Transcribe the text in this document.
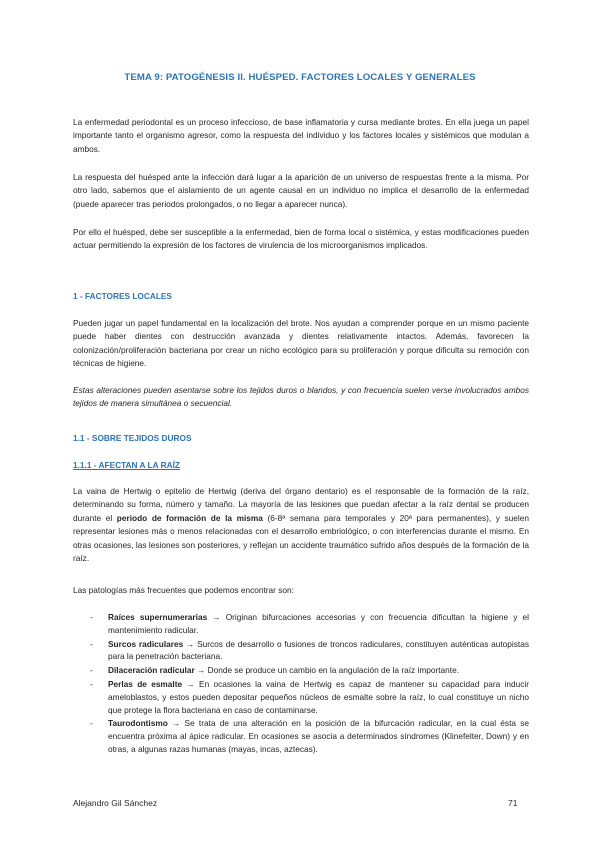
TEMA 9: PATOGÉNESIS II. HUÉSPED. FACTORES LOCALES Y GENERALES

La enfermedad periodontal es un proceso infeccioso, de base inflamatoria y cursa mediante brotes. En ella juega un papel importante tanto el organismo agresor, como la respuesta del individuo y los factores locales y sistémicos que modulan a ambos.

La respuesta del huésped ante la infección dará lugar a la aparición de un universo de respuestas frente a la misma. Por otro lado, sabemos que el aislamiento de un agente causal en un individuo no implica el desarrollo de la enfermedad (puede aparecer tras periodos prolongados, o no llegar a aparecer nunca).

Por ello el huésped, debe ser susceptible a la enfermedad, bien de forma local o sistémica, y estas modificaciones pueden actuar permitiendo la expresión de los factores de virulencia de los microorganismos implicados.

1 - FACTORES LOCALES

Pueden jugar un papel fundamental en la localización del brote. Nos ayudan a comprender porque en un mismo paciente puede haber dientes con destrucción avanzada y dientes relativamente intactos. Además, favorecen la colonización/proliferación bacteriana por crear un nicho ecológico para su proliferación y porque dificulta su remoción con técnicas de higiene.

Estas alteraciones pueden asentarse sobre los tejidos duros o blandos, y con frecuencia suelen verse involucrados ambos tejidos de manera simultánea o secuencial.

1.1 - SOBRE TEJIDOS DUROS

1.1.1 - AFECTAN A LA RAÍZ

La vaina de Hertwig o epitelio de Hertwig (deriva del órgano dentario) es el responsable de la formación de la raíz, determinando su forma, número y tamaño. La mayoría de las lesiones que puedan afectar a la raíz dental se producen durante el periodo de formación de la misma (6-8ª semana para temporales y 20ª para permanentes), y suelen representar lesiones más o menos relacionadas con el desarrollo embriológico, o con interferencias durante el mismo. En otras ocasiones, las lesiones son posteriores, y reflejan un accidente traumático sufrido años después de la formación de la raíz.

Las patologías más frecuentes que podemos encontrar son:

- Raíces supernumerarias → Originan bifurcaciones accesorias y con frecuencia dificultan la higiene y el mantenimiento radicular.
- Surcos radiculares → Surcos de desarrollo o fusiones de troncos radiculares, constituyen auténticas autopistas para la penetración bacteriana.
- Dilaceración radicular → Donde se produce un cambio en la angulación de la raíz importante.
- Perlas de esmalte → En ocasiones la vaina de Hertwig es capaz de mantener su capacidad para inducir ameloblastos, y estos pueden depositar pequeños núcleos de esmalte sobre la raíz, lo cual constituye un nicho que protege la flora bacteriana en caso de contaminarse.
- Taurodontismo → Se trata de una alteración en la posición de la bifurcación radicular, en la cual ésta se encuentra próxima al ápice radicular. En ocasiones se asocia a determinados síndromes (Klinefelter, Down) y en otras, a algunas razas humanas (mayas, incas, aztecas).
Alejandro Gil Sánchez	71
